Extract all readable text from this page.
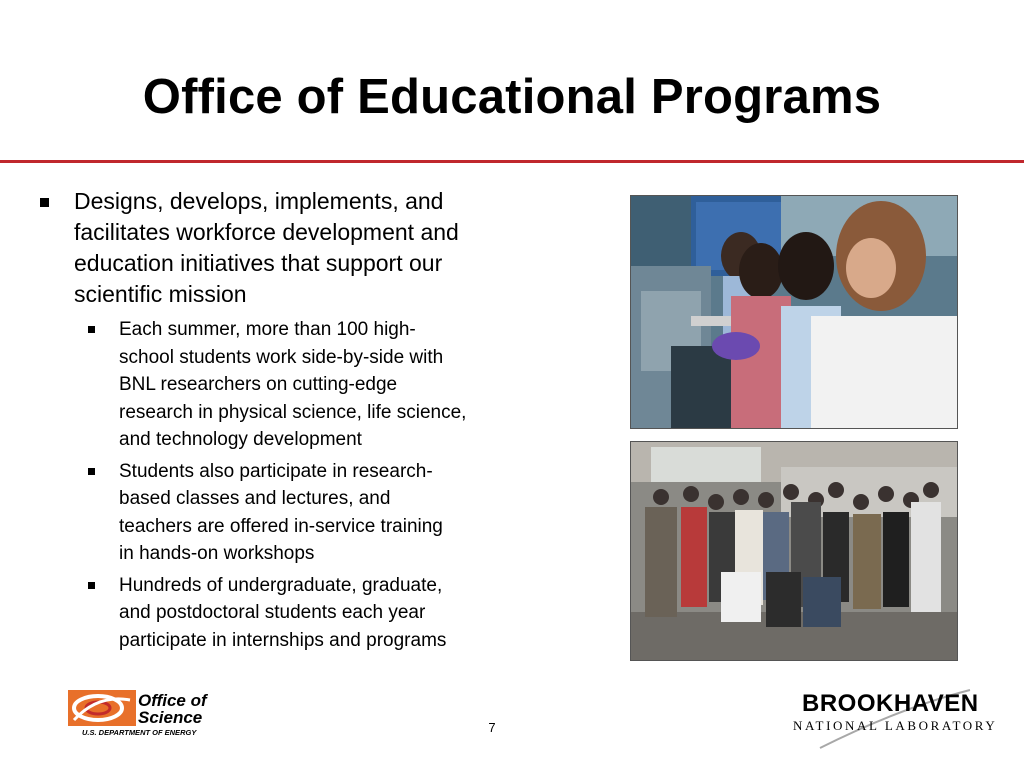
Office of Educational Programs
Designs, develops, implements, and
facilitates workforce development and
education initiatives that support our
scientific mission
Each summer, more than 100 high-
school students work side-by-side with
BNL researchers on cutting-edge
research in physical science, life science,
and technology development
Students also participate in research-
based classes and lectures, and
teachers are offered in-service training
in hands-on workshops
Hundreds of undergraduate, graduate,
and postdoctoral students each year
participate in internships and programs
Office of
Science
U.S. DEPARTMENT OF ENERGY	7
BROOKHAVEN
NATIONAL LABORATORY
